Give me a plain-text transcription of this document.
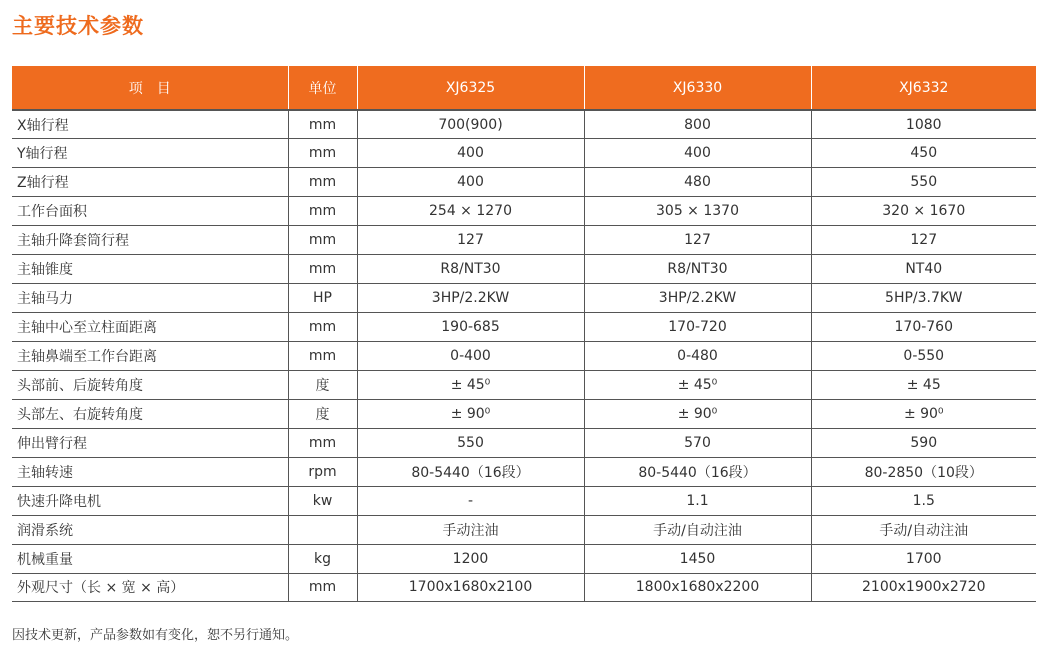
主要技术参数
项　目	单位	XJ6325	XJ6330	XJ6332
X轴行程	mm	700(900)	800	1080
Y轴行程	mm	400	400	450
Z轴行程	mm	400	480	550
工作台面积	mm	254 × 1270	305 × 1370	320 × 1670
主轴升降套筒行程	mm	127	127	127
主轴锥度	mm	R8/NT30	R8/NT30	NT40
主轴马力	HP	3HP/2.2KW	3HP/2.2KW	5HP/3.7KW
主轴中心至立柱面距离	mm	190-685	170-720	170-760
主轴鼻端至工作台距离	mm	0-400	0-480	0-550
头部前、后旋转角度	度	± 45⁰	± 45⁰	± 45
头部左、右旋转角度	度	± 90⁰	± 90⁰	± 90⁰
伸出臂行程	mm	550	570	590
主轴转速	rpm	80-5440（16段）	80-5440（16段）	80-2850（10段）
快速升降电机	kw	-	1.1	1.5
润滑系统		手动注油	手动/自动注油	手动/自动注油
机械重量	kg	1200	1450	1700
外观尺寸（长 × 宽 × 高）	mm	1700x1680x2100	1800x1680x2200	2100x1900x2720
因技术更新，产品参数如有变化，恕不另行通知。
